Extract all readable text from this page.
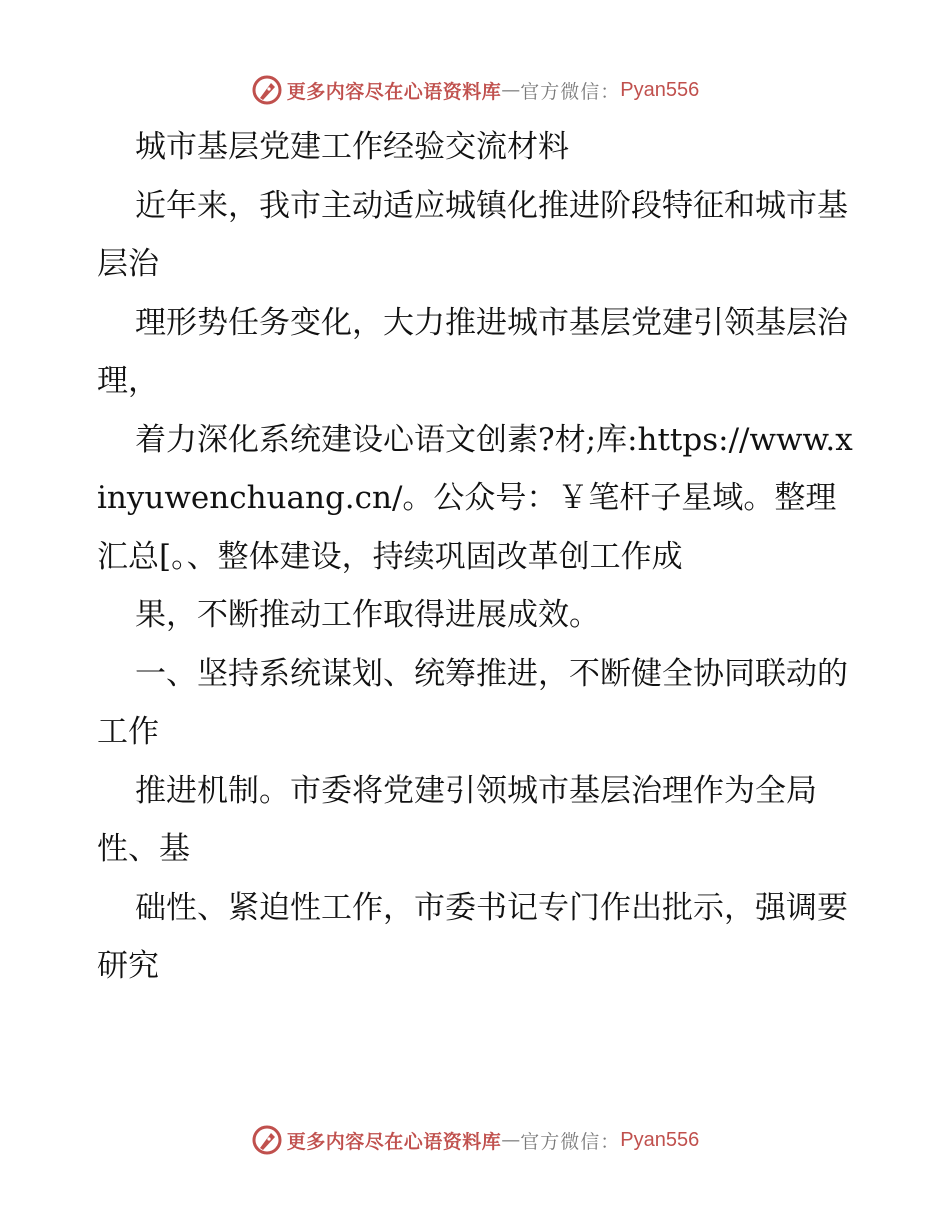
更多内容尽在心语资料库 — 官方微信： Pyan556

城市基层党建工作经验交流材料

近年来，我市主动适应城镇化推进阶段特征和城市基层治

理形势任务变化，大力推进城市基层党建引领基层治理，

着力深化系统建设心语文创素?材;库:https://www.xinyuwenchuang.cn/。公众号：￥笔杆子星域。整理汇总[。、整体建设，持续巩固改革创工作成

果，不断推动工作取得进展成效。

一、坚持系统谋划、统筹推进，不断健全协同联动的工作

推进机制。市委将党建引领城市基层治理作为全局性、基

础性、紧迫性工作，市委书记专门作出批示，强调要研究

更多内容尽在心语资料库 — 官方微信： Pyan556
